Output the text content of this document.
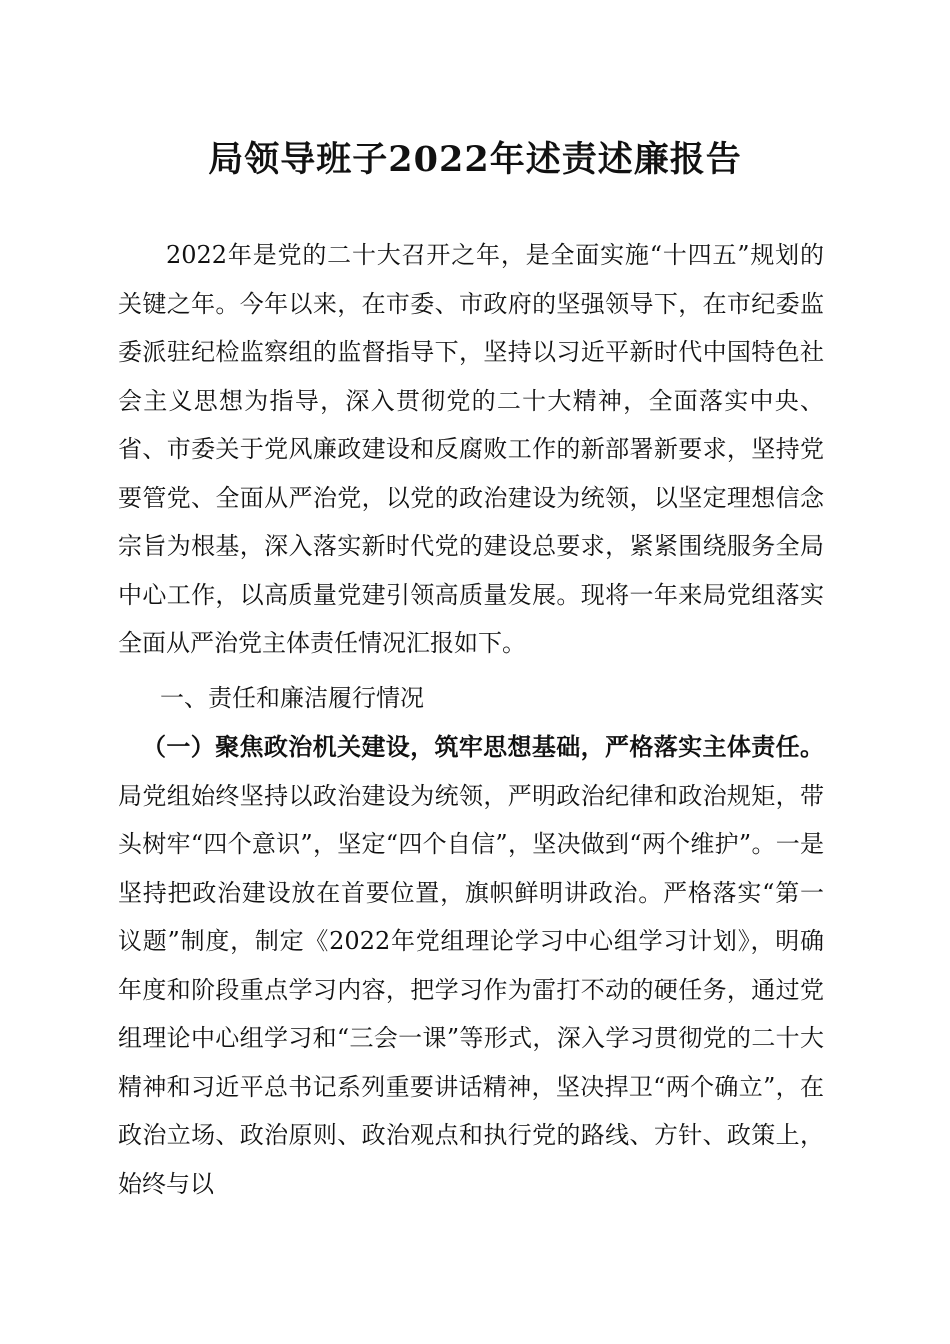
局领导班子2022年述责述廉报告

2022年是党的二十大召开之年，是全面实施“十四五”规划的关键之年。今年以来，在市委、市政府的坚强领导下，在市纪委监委派驻纪检监察组的监督指导下，坚持以习近平新时代中国特色社会主义思想为指导，深入贯彻党的二十大精神，全面落实中央、省、市委关于党风廉政建设和反腐败工作的新部署新要求，坚持党要管党、全面从严治党，以党的政治建设为统领，以坚定理想信念宗旨为根基，深入落实新时代党的建设总要求，紧紧围绕服务全局中心工作，以高质量党建引领高质量发展。现将一年来局党组落实全面从严治党主体责任情况汇报如下。

一、责任和廉洁履行情况

（一）聚焦政治机关建设，筑牢思想基础，严格落实主体责任。局党组始终坚持以政治建设为统领，严明政治纪律和政治规矩，带头树牢“四个意识”，坚定“四个自信”，坚决做到“两个维护”。一是坚持把政治建设放在首要位置，旗帜鲜明讲政治。严格落实“第一议题”制度，制定《2022年党组理论学习中心组学习计划》，明确年度和阶段重点学习内容，把学习作为雷打不动的硬任务，通过党组理论中心组学习和“三会一课”等形式，深入学习贯彻党的二十大精神和习近平总书记系列重要讲话精神，坚决捍卫“两个确立”，在政治立场、政治原则、政治观点和执行党的路线、方针、政策上，始终与以
